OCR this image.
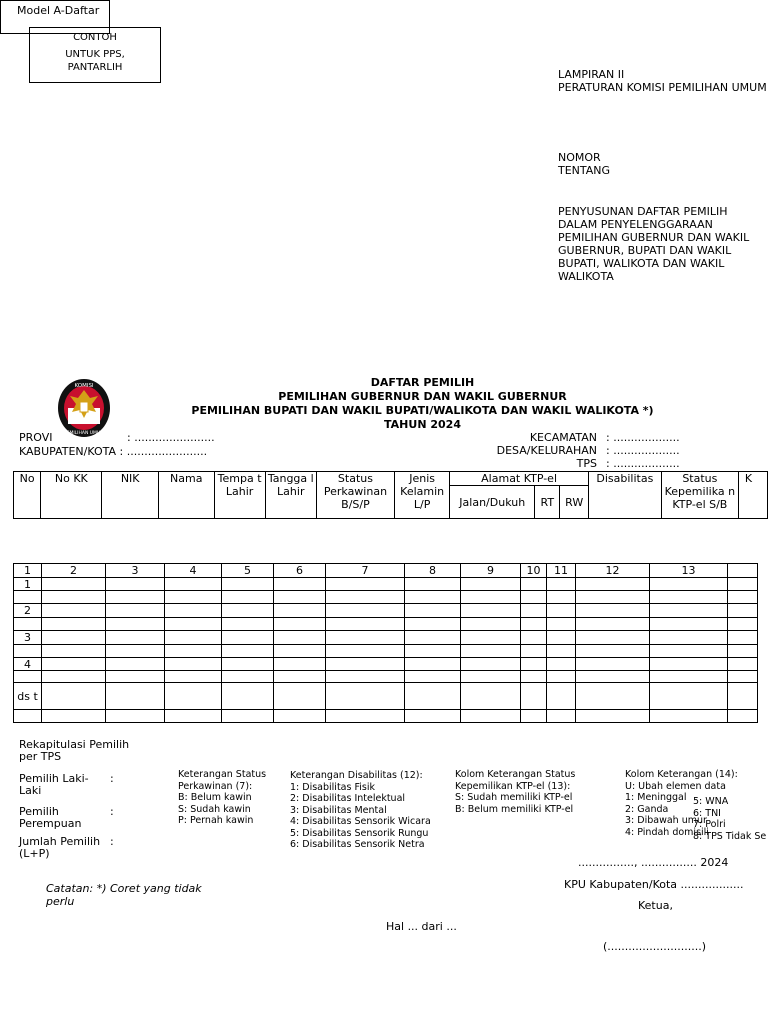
CONTOH
UNTUK PPS,
PANTARLIH
LAMPIRAN II
PERATURAN KOMISI PEMILIHAN UMUM
NOMOR
TENTANG
PENYUSUNAN DAFTAR PEMILIH DALAM PENYELENGGARAAN PEMILIHAN GUBERNUR DAN WAKIL GUBERNUR, BUPATI DAN WAKIL BUPATI, WALIKOTA DAN WAKIL WALIKOTA
Model A-Daftar
KOMISI
PEMILIHAN UMUM
DAFTAR PEMILIH
PEMILIHAN GUBERNUR DAN WAKIL GUBERNUR
PEMILIHAN BUPATI DAN WAKIL BUPATI/WALIKOTA DAN WAKIL WALIKOTA *)
TAHUN 2024
PROVI	: .......................
KABUPATEN/KOTA : .......................
KECAMATAN : ...................
DESA/KELURAHAN : ...................
TPS : ...................
No	No KK	NIK	Nama	Tempa t Lahir	Tangga l Lahir	Status Perkawinan B/S/P	Jenis Kelamin L/P	Alamat KTP-el			Disabilitas	Status Kepemilika n KTP-el S/B	K
								Jalan/Dukuh	RT	RW			
1	2	3	4	5	6	7	8	9	10	11	12	13	
1													

2													

3													

4													

ds t													

Rekapitulasi Pemilih per TPS
Pemilih Laki-Laki
:
Pemilih Perempuan
:
Jumlah Pemilih (L+P)
:
Keterangan Status
Perkawinan (7):
B: Belum kawin
S: Sudah kawin
P: Pernah kawin
Keterangan Disabilitas (12):
1: Disabilitas Fisik
2: Disabilitas Intelektual
3: Disabilitas Mental
4: Disabilitas Sensorik Wicara
5: Disabilitas Sensorik Rungu
6: Disabilitas Sensorik Netra
Kolom Keterangan Status
Kepemilikan KTP-el (13):
S: Sudah memiliki KTP-el
B: Belum memiliki KTP-el
Kolom Keterangan (14):
U: Ubah elemen data
1: Meninggal
2: Ganda
3: Dibawah umur
4: Pindah domisili
5: WNA
6: TNI
7: Polri
8: TPS Tidak Se
................, ................ 2024
KPU Kabupaten/Kota ..................
Ketua,
(...........................)
Catatan: *) Coret yang tidak perlu
Hal ... dari ...
